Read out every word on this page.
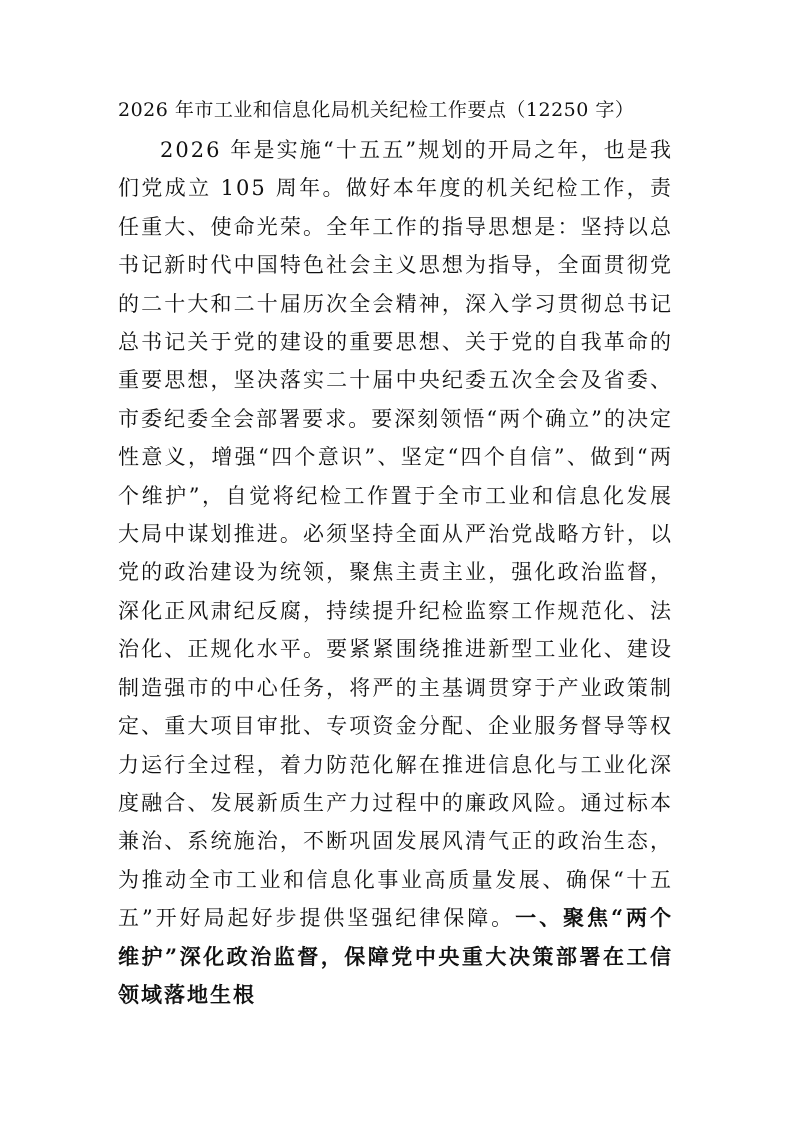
2026 年市工业和信息化局机关纪检工作要点（12250 字）

2026 年是实施“十五五”规划的开局之年，也是我们党成立 105 周年。做好本年度的机关纪检工作，责任重大、使命光荣。全年工作的指导思想是：坚持以总书记新时代中国特色社会主义思想为指导，全面贯彻党的二十大和二十届历次全会精神，深入学习贯彻总书记总书记关于党的建设的重要思想、关于党的自我革命的重要思想，坚决落实二十届中央纪委五次全会及省委、市委纪委全会部署要求。要深刻领悟“两个确立”的决定性意义，增强“四个意识”、坚定“四个自信”、做到“两个维护”，自觉将纪检工作置于全市工业和信息化发展大局中谋划推进。必须坚持全面从严治党战略方针，以党的政治建设为统领，聚焦主责主业，强化政治监督，深化正风肃纪反腐，持续提升纪检监察工作规范化、法治化、正规化水平。要紧紧围绕推进新型工业化、建设制造强市的中心任务，将严的主基调贯穿于产业政策制定、重大项目审批、专项资金分配、企业服务督导等权力运行全过程，着力防范化解在推进信息化与工业化深度融合、发展新质生产力过程中的廉政风险。通过标本兼治、系统施治，不断巩固发展风清气正的政治生态，为推动全市工业和信息化事业高质量发展、确保“十五五”开好局起好步提供坚强纪律保障。一、聚焦“两个维护”深化政治监督，保障党中央重大决策部署在工信领域落地生根
